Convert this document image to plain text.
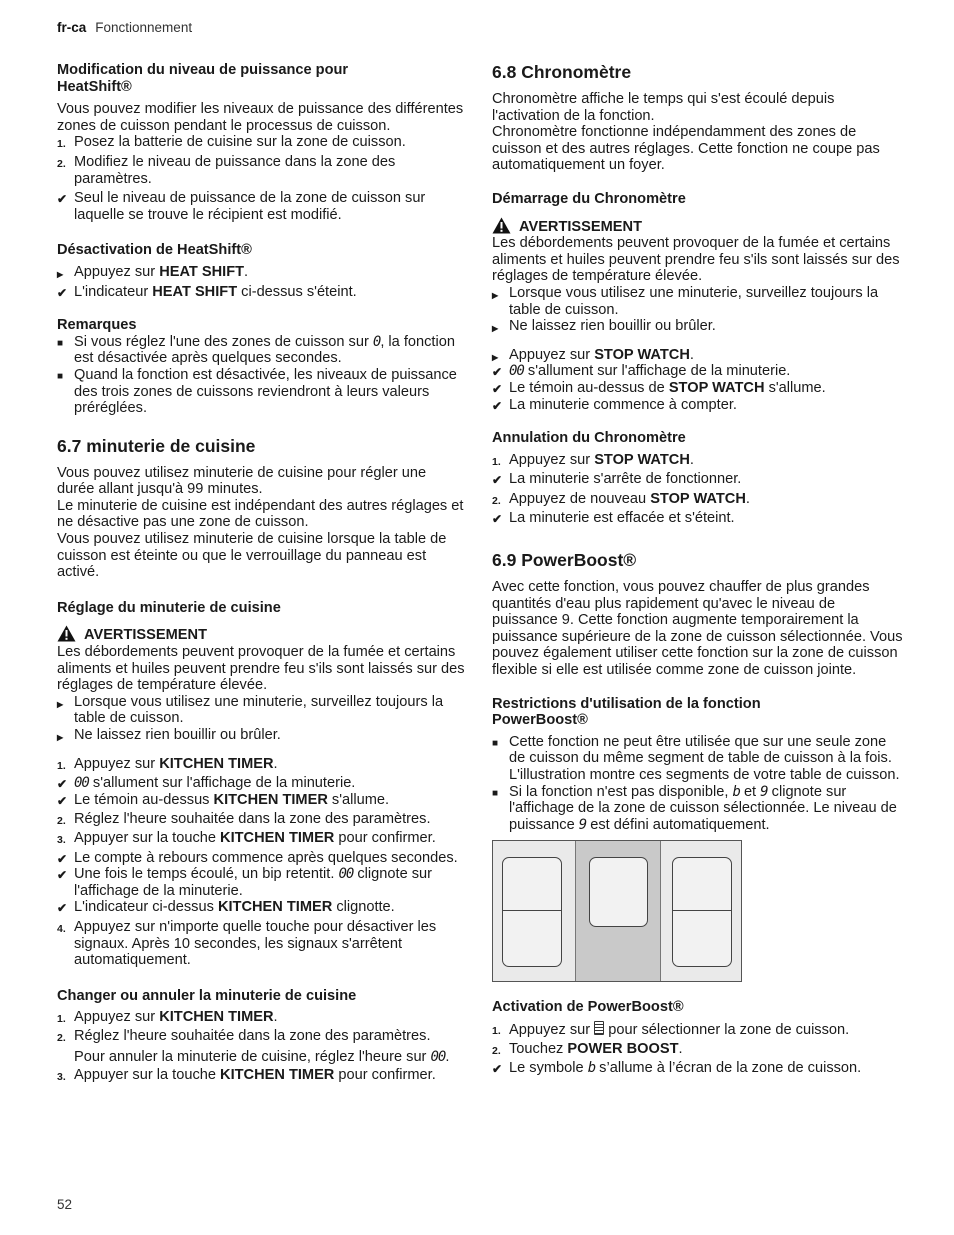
fr-ca Fonctionnement
Modification du niveau de puissance pour HeatShift®

Vous pouvez modifier les niveaux de puissance des différentes zones de cuisson pendant le processus de cuisson.

1. Posez la batterie de cuisine sur la zone de cuisson.
2. Modifiez le niveau de puissance dans la zone des paramètres.
✔ Seul le niveau de puissance de la zone de cuisson sur laquelle se trouve le récipient est modifié.
Désactivation de HeatShift®
▶ Appuyez sur HEAT SHIFT.
✔ L'indicateur HEAT SHIFT ci-dessus s'éteint.
Remarques
■ Si vous réglez l'une des zones de cuisson sur 0, la fonction est désactivée après quelques secondes.
■ Quand la fonction est désactivée, les niveaux de puissance des trois zones de cuissons reviendront à leurs valeurs préréglées.
6.7 minuterie de cuisine

Vous pouvez utilisez minuterie de cuisine pour régler une durée allant jusqu'à 99 minutes.
Le minuterie de cuisine est indépendant des autres réglages et ne désactive pas une zone de cuisson.
Vous pouvez utilisez minuterie de cuisine lorsque la table de cuisson est éteinte ou que le verrouillage du panneau est activé.

Réglage du minuterie de cuisine
AVERTISSEMENT

Les débordements peuvent provoquer de la fumée et certains aliments et huiles peuvent prendre feu s'ils sont laissés sur des réglages de température élevée.

▶ Lorsque vous utilisez une minuterie, surveillez toujours la table de cuisson.
▶ Ne laissez rien bouillir ou brûler.
1. Appuyez sur KITCHEN TIMER.
✔ 00 s'allument sur l'affichage de la minuterie.
✔ Le témoin au-dessus KITCHEN TIMER s'allume.
2. Réglez l'heure souhaitée dans la zone des paramètres.
3. Appuyer sur la touche KITCHEN TIMER pour confirmer.
✔ Le compte à rebours commence après quelques secondes.
✔ Une fois le temps écoulé, un bip retentit. 00 clignote sur l'affichage de la minuterie.
✔ L'indicateur ci-dessus KITCHEN TIMER clignotte.
4. Appuyez sur n'importe quelle touche pour désactiver les signaux. Après 10 secondes, les signaux s'arrêtent automatiquement.
Changer ou annuler la minuterie de cuisine
1. Appuyez sur KITCHEN TIMER.
2. Réglez l'heure souhaitée dans la zone des paramètres.
Pour annuler la minuterie de cuisine, réglez l'heure sur 00.
3. Appuyer sur la touche KITCHEN TIMER pour confirmer.
6.8 Chronomètre

Chronomètre affiche le temps qui s'est écoulé depuis l'activation de la fonction.
Chronomètre fonctionne indépendamment des zones de cuisson et des autres réglages. Cette fonction ne coupe pas automatiquement un foyer.

Démarrage du Chronomètre
AVERTISSEMENT

Les débordements peuvent provoquer de la fumée et certains aliments et huiles peuvent prendre feu s'ils sont laissés sur des réglages de température élevée.

▶ Lorsque vous utilisez une minuterie, surveillez toujours la table de cuisson.
▶ Ne laissez rien bouillir ou brûler.
▶ Appuyez sur STOP WATCH.
✔ 00 s'allument sur l'affichage de la minuterie.
✔ Le témoin au-dessus de STOP WATCH s'allume.
✔ La minuterie commence à compter.
Annulation du Chronomètre
1. Appuyez sur STOP WATCH.
✔ La minuterie s'arrête de fonctionner.
2. Appuyez de nouveau STOP WATCH.
✔ La minuterie est effacée et s'éteint.
6.9 PowerBoost®

Avec cette fonction, vous pouvez chauffer de plus grandes quantités d'eau plus rapidement qu'avec le niveau de puissance 9. Cette fonction augmente temporairement la puissance supérieure de la zone de cuisson sélectionnée. Vous pouvez également utiliser cette fonction sur la zone de cuisson flexible si elle est utilisée comme zone de cuisson jointe.

Restrictions d'utilisation de la fonction PowerBoost®
■ Cette fonction ne peut être utilisée que sur une seule zone de cuisson du même segment de table de cuisson à la fois. L'illustration montre ces segments de votre table de cuisson.
■ Si la fonction n'est pas disponible, b et 9 clignote sur l'affichage de la zone de cuisson sélectionnée. Le niveau de puissance 9 est défini automatiquement.
Activation de PowerBoost®
1. Appuyez sur  pour sélectionner la zone de cuisson.
2. Touchez POWER BOOST.
✔ Le symbole b s’allume à l’écran de la zone de cuisson.
52
